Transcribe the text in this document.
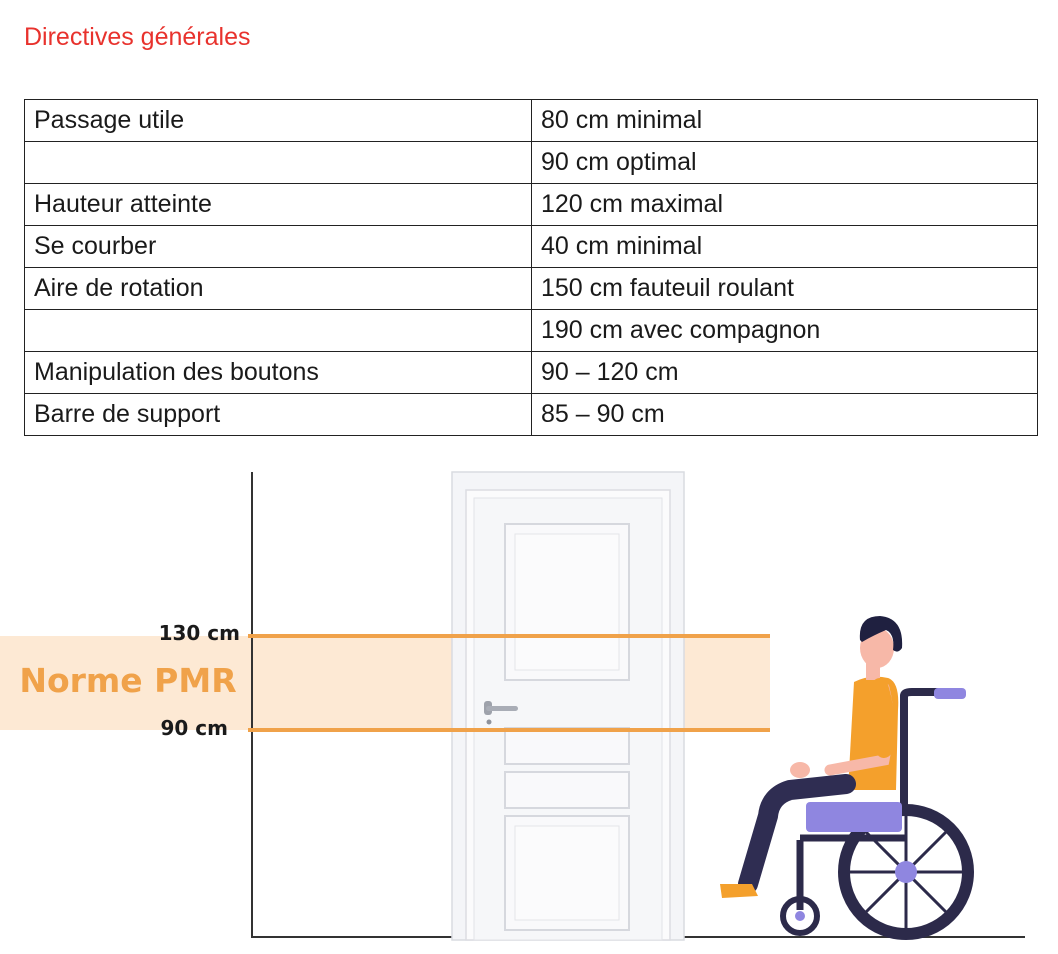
Directives générales
Passage utile	80 cm minimal
	90 cm optimal
Hauteur atteinte	120 cm maximal
Se courber	40 cm minimal
Aire de rotation	150 cm fauteuil roulant
	190 cm avec compagnon
Manipulation des boutons	90 – 120 cm
Barre de support	85 – 90 cm
130 cm
Norme PMR
90 cm
